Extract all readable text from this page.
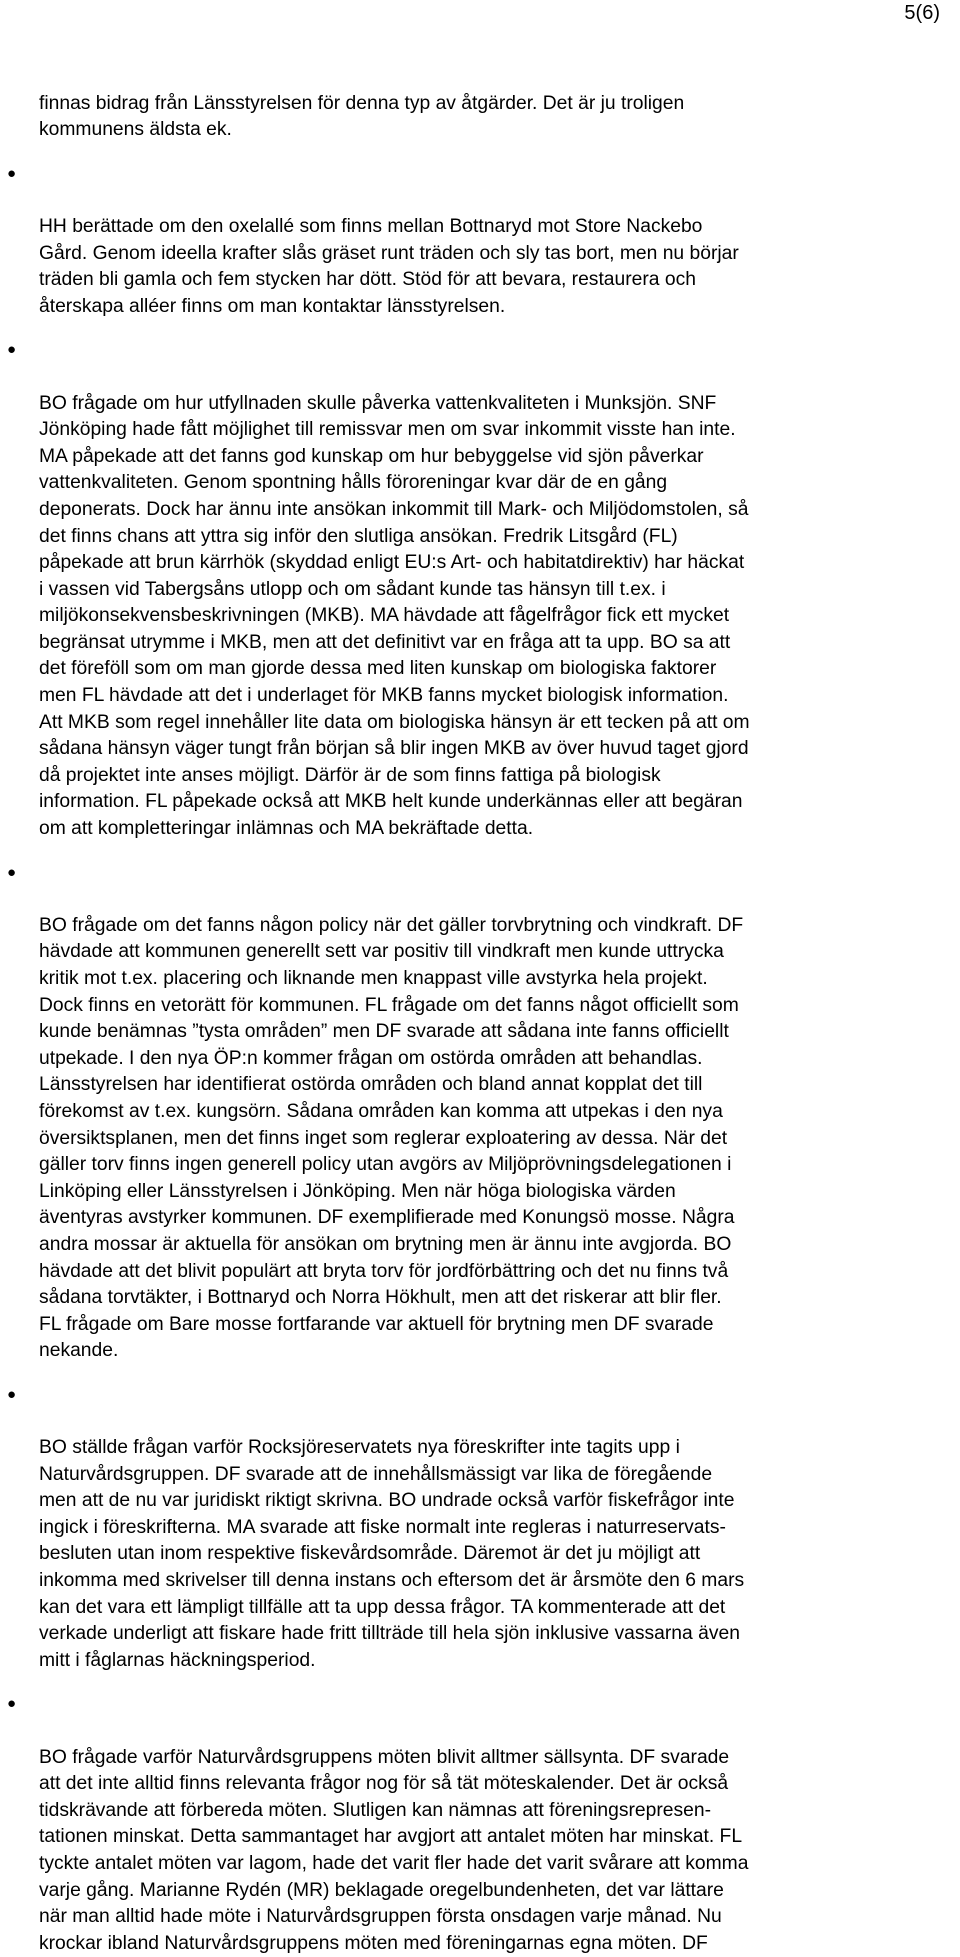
5(6)

finnas bidrag från Länsstyrelsen för denna typ av åtgärder. Det är ju troligen
kommunens äldsta ek.

●

HH berättade om den oxelallé som finns mellan Bottnaryd mot Store Nackebo
Gård. Genom ideella krafter slås gräset runt träden och sly tas bort, men nu börjar
träden bli gamla och fem stycken har dött. Stöd för att bevara, restaurera och
återskapa alléer finns om man kontaktar länsstyrelsen.

●

BO frågade om hur utfyllnaden skulle påverka vattenkvaliteten i Munksjön. SNF
Jönköping hade fått möjlighet till remissvar men om svar inkommit visste han inte.
MA påpekade att det fanns god kunskap om hur bebyggelse vid sjön påverkar
vattenkvaliteten. Genom spontning hålls föroreningar kvar där de en gång
deponerats. Dock har ännu inte ansökan inkommit till Mark- och Miljödomstolen, så
det finns chans att yttra sig inför den slutliga ansökan. Fredrik Litsgård (FL)
påpekade att brun kärrhök (skyddad enligt EU:s Art- och habitatdirektiv) har häckat
i vassen vid Tabergsåns utlopp och om sådant kunde tas hänsyn till t.ex. i
miljökonsekvensbeskrivningen (MKB). MA hävdade att fågelfrågor fick ett mycket
begränsat utrymme i MKB, men att det definitivt var en fråga att ta upp. BO sa att
det föreföll som om man gjorde dessa med liten kunskap om biologiska faktorer
men FL hävdade att det i underlaget för MKB fanns mycket biologisk information.
Att MKB som regel innehåller lite data om biologiska hänsyn är ett tecken på att om
sådana hänsyn väger tungt från början så blir ingen MKB av över huvud taget gjord
då projektet inte anses möjligt. Därför är de som finns fattiga på biologisk
information. FL påpekade också att MKB helt kunde underkännas eller att begäran
om att kompletteringar inlämnas och MA bekräftade detta.

●

BO frågade om det fanns någon policy när det gäller torvbrytning och vindkraft. DF
hävdade att kommunen generellt sett var positiv till vindkraft men kunde uttrycka
kritik mot t.ex. placering och liknande men knappast ville avstyrka hela projekt.
Dock finns en vetorätt för kommunen. FL frågade om det fanns något officiellt som
kunde benämnas ”tysta områden” men DF svarade att sådana inte fanns officiellt
utpekade. I den nya ÖP:n kommer frågan om ostörda områden att behandlas.
Länsstyrelsen har identifierat ostörda områden och bland annat kopplat det till
förekomst av t.ex. kungsörn. Sådana områden kan komma att utpekas i den nya
översiktsplanen, men det finns inget som reglerar exploatering av dessa. När det
gäller torv finns ingen generell policy utan avgörs av Miljöprövningsdelegationen i
Linköping eller Länsstyrelsen i Jönköping. Men när höga biologiska värden
äventyras avstyrker kommunen. DF exemplifierade med Konungsö mosse. Några
andra mossar är aktuella för ansökan om brytning men är ännu inte avgjorda. BO
hävdade att det blivit populärt att bryta torv för jordförbättring och det nu finns två
sådana torvtäkter, i Bottnaryd och Norra Hökhult, men att det riskerar att blir fler.
FL frågade om Bare mosse fortfarande var aktuell för brytning men DF svarade
nekande.

●

BO ställde frågan varför Rocksjöreservatets nya föreskrifter inte tagits upp i
Naturvårdsgruppen. DF svarade att de innehållsmässigt var lika de föregående
men att de nu var juridiskt riktigt skrivna. BO undrade också varför fiskefrågor inte
ingick i föreskrifterna. MA svarade att fiske normalt inte regleras i naturreservats-
besluten utan inom respektive fiskevårdsområde. Däremot är det ju möjligt att
inkomma med skrivelser till denna instans och eftersom det är årsmöte den 6 mars
kan det vara ett lämpligt tillfälle att ta upp dessa frågor. TA kommenterade att det
verkade underligt att fiskare hade fritt tillträde till hela sjön inklusive vassarna även
mitt i fåglarnas häckningsperiod.

●

BO frågade varför Naturvårdsgruppens möten blivit alltmer sällsynta. DF svarade
att det inte alltid finns relevanta frågor nog för så tät möteskalender. Det är också
tidskrävande att förbereda möten. Slutligen kan nämnas att föreningsrepresen-
tationen minskat. Detta sammantaget har avgjort att antalet möten har minskat. FL
tyckte antalet möten var lagom, hade det varit fler hade det varit svårare att komma
varje gång. Marianne Rydén (MR) beklagade oregelbundenheten, det var lättare
när man alltid hade möte i Naturvårdsgruppen första onsdagen varje månad. Nu
krockar ibland Naturvårdsgruppens möten med föreningarnas egna möten. DF
